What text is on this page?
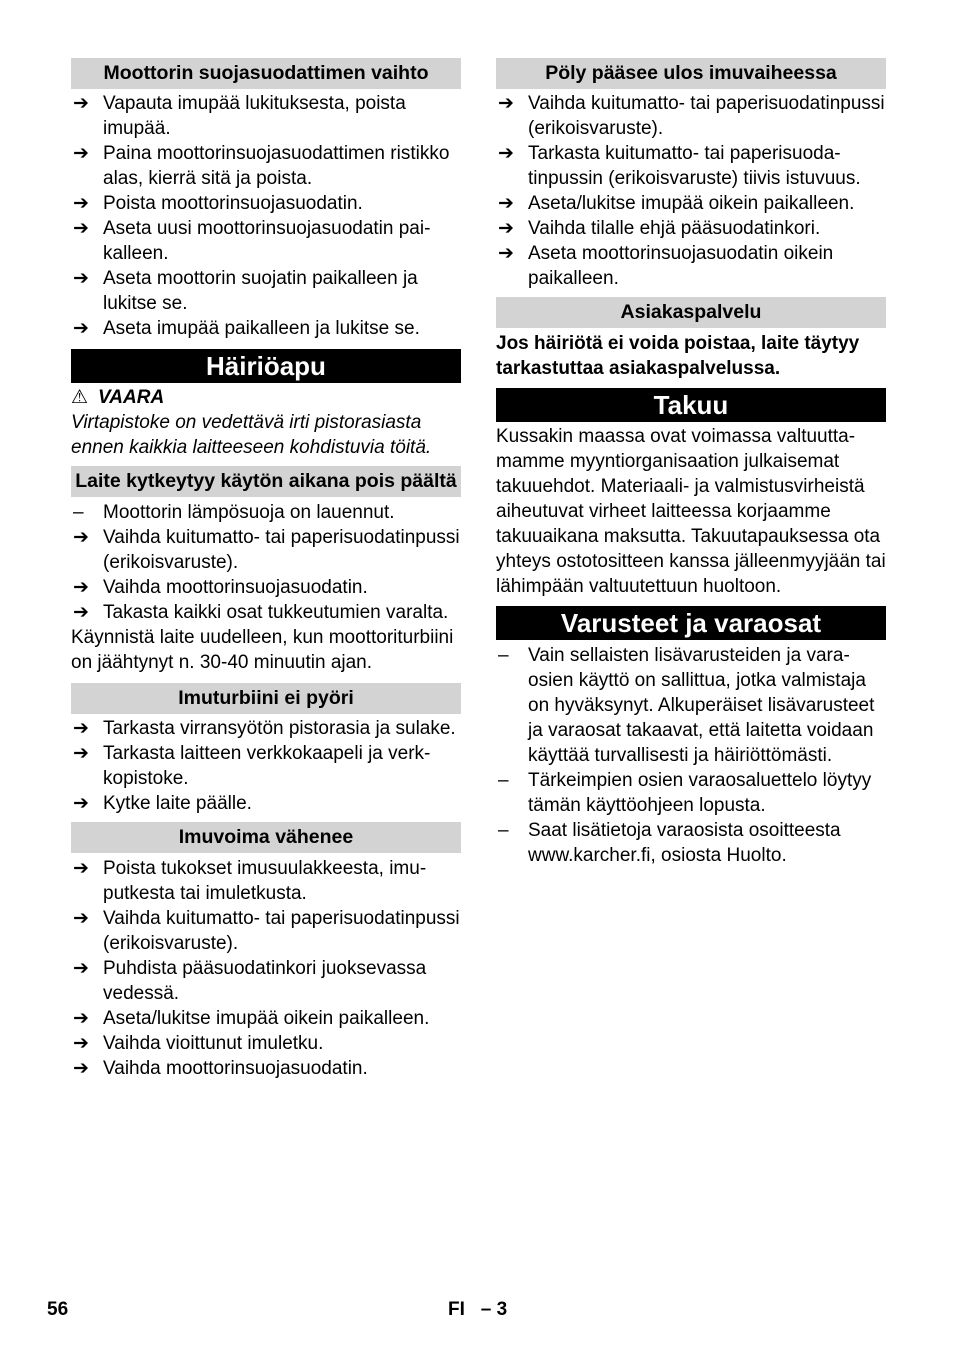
Moottorin suojasuodattimen vaihto
➔ Vapauta imupää lukituksesta, poista imupää.
➔ Paina moottorinsuojasuodattimen ristikko alas, kierrä sitä ja poista.
➔ Poista moottorinsuojasuodatin.
➔ Aseta uusi moottorinsuojasuodatin paikalleen.
➔ Aseta moottorin suojatin paikalleen ja lukitse se.
➔ Aseta imupää paikalleen ja lukitse se.
Häiriöapu
⚠ VAARA

Virtapistoke on vedettävä irti pistorasiasta ennen kaikkia laitteeseen kohdistuvia töitä.

Laite kytkeytyy käytön aikana pois päältä
–	Moottorin lämpösuoja on lauennut.
➔ Vaihda kuitumatto- tai paperisuodatinpussi (erikoisvaruste).
➔ Vaihda moottorinsuojasuodatin.
➔ Takasta kaikki osat tukkeutumien varalta.

Käynnistä laite uudelleen, kun moottoriturbiini on jäähtynyt n. 30-40 minuutin ajan.

Imuturbiini ei pyöri
➔ Tarkasta virransyötön pistorasia ja sulake.
➔ Tarkasta laitteen verkkokaapeli ja verkkopistoke.
➔ Kytke laite päälle.
Imuvoima vähenee
➔ Poista tukokset imusuulakkeesta, imuputkesta tai imuletkusta.
➔ Vaihda kuitumatto- tai paperisuodatinpussi (erikoisvaruste).
➔ Puhdista pääsuodatinkori juoksevassa vedessä.
➔ Aseta/lukitse imupää oikein paikalleen.
➔ Vaihda vioittunut imuletku.
➔ Vaihda moottorinsuojasuodatin.
Pöly pääsee ulos imuvaiheessa
➔ Vaihda kuitumatto- tai paperisuodatinpussi (erikoisvaruste).
➔ Tarkasta kuitumatto- tai paperisuodatinpussin (erikoisvaruste) tiivis istuvuus.
➔ Aseta/lukitse imupää oikein paikalleen.
➔ Vaihda tilalle ehjä pääsuodatinkori.
➔ Aseta moottorinsuojasuodatin oikein paikalleen.
Asiakaspalvelu

Jos häiriötä ei voida poistaa, laite täytyy tarkastuttaa asiakaspalvelussa.

Takuu

Kussakin maassa ovat voimassa valtuuttamamme myyntiorganisaation julkaisemat takuuehdot. Materiaali- ja valmistusvirheistä aiheutuvat virheet laitteessa korjaamme takuuaikana maksutta. Takuutapauksessa ota yhteys ostotositteen kanssa jälleenmyyjään tai lähimpään valtuutettuun huoltoon.

Varusteet ja varaosat
–	Vain sellaisten lisävarusteiden ja varaosien käyttö on sallittua, jotka valmistaja on hyväksynyt. Alkuperäiset lisävarusteet ja varaosat takaavat, että laitetta voidaan käyttää turvallisesti ja häiriöttömästi.
–	Tärkeimpien osien varaosaluettelo löytyy tämän käyttöohjeen lopusta.
–	Saat lisätietoja varaosista osoitteesta www.karcher.fi, osiosta Huolto.
56	FI   – 3
